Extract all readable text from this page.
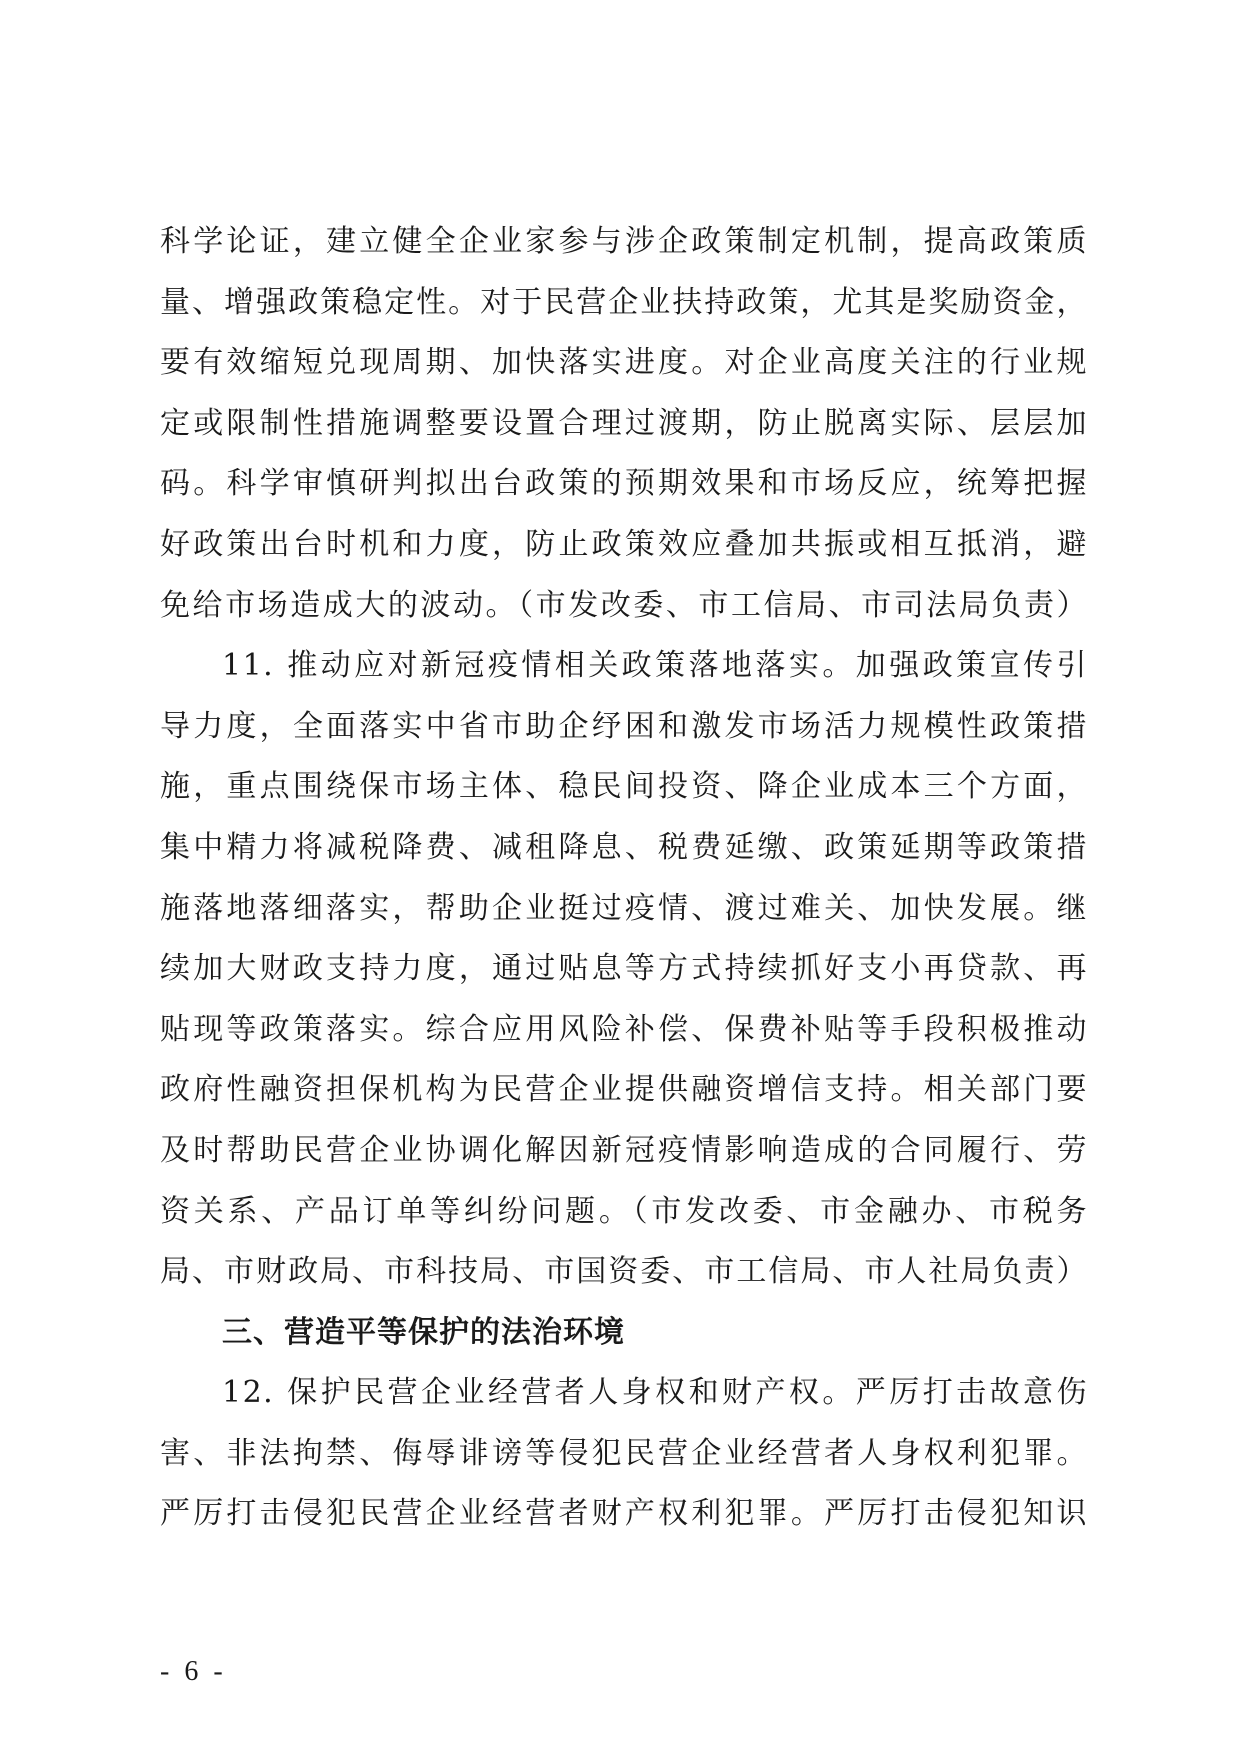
科学论证，建立健全企业家参与涉企政策制定机制，提高政策质
量、增强政策稳定性。对于民营企业扶持政策，尤其是奖励资金，
要有效缩短兑现周期、加快落实进度。对企业高度关注的行业规
定或限制性措施调整要设置合理过渡期，防止脱离实际、层层加
码。科学审慎研判拟出台政策的预期效果和市场反应，统筹把握
好政策出台时机和力度，防止政策效应叠加共振或相互抵消，避
免给市场造成大的波动。（市发改委、市工信局、市司法局负责）
11. 推动应对新冠疫情相关政策落地落实。加强政策宣传引
导力度，全面落实中省市助企纾困和激发市场活力规模性政策措
施，重点围绕保市场主体、稳民间投资、降企业成本三个方面，
集中精力将减税降费、减租降息、税费延缴、政策延期等政策措
施落地落细落实，帮助企业挺过疫情、渡过难关、加快发展。继
续加大财政支持力度，通过贴息等方式持续抓好支小再贷款、再
贴现等政策落实。综合应用风险补偿、保费补贴等手段积极推动
政府性融资担保机构为民营企业提供融资增信支持。相关部门要
及时帮助民营企业协调化解因新冠疫情影响造成的合同履行、劳
资关系、产品订单等纠纷问题。（市发改委、市金融办、市税务
局、市财政局、市科技局、市国资委、市工信局、市人社局负责）
三、营造平等保护的法治环境
12. 保护民营企业经营者人身权和财产权。严厉打击故意伤
害、非法拘禁、侮辱诽谤等侵犯民营企业经营者人身权利犯罪。
严厉打击侵犯民营企业经营者财产权利犯罪。严厉打击侵犯知识
- 6 -
